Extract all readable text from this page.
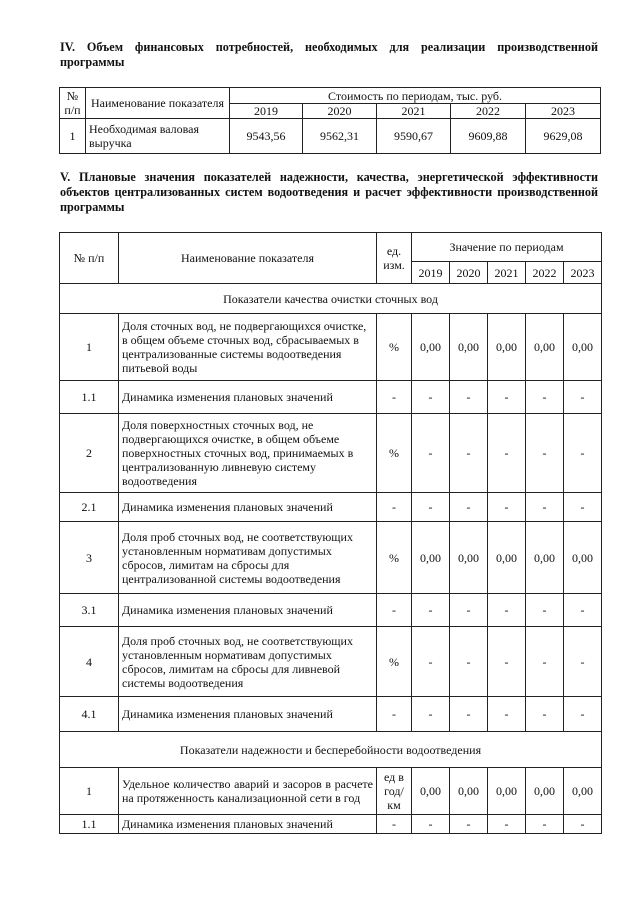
IV. Объем финансовых потребностей, необходимых для реализации производственной программы
№ п/п	Наименование показателя	Стоимость по периодам, тыс. руб.				
		2019	2020	2021	2022	2023
1	Необходимая валовая выручка	9543,56	9562,31	9590,67	9609,88	9629,08
V. Плановые значения показателей надежности, качества, энергетической эффективности объектов централизованных систем водоотведения и расчет эффективности производственной программы
№ п/п	Наименование показателя	ед. изм.	Значение по периодам				
			2019	2020	2021	2022	2023
Показатели качества очистки сточных вод							
1	Доля сточных вод, не подвергающихся очистке, в общем объеме сточных вод, сбрасываемых в централизованные системы водоотведения питьевой воды	%	0,00	0,00	0,00	0,00	0,00
1.1	Динамика изменения плановых значений	-	-	-	-	-	-
2	Доля поверхностных сточных вод, не подвергающихся очистке, в общем объеме поверхностных сточных вод, принимаемых в централизованную ливневую систему водоотведения	%	-	-	-	-	-
2.1	Динамика изменения плановых значений	-	-	-	-	-	-
3	Доля проб сточных вод, не соответствующих установленным нормативам допустимых сбросов, лимитам на сбросы для централизованной системы водоотведения	%	0,00	0,00	0,00	0,00	0,00
3.1	Динамика изменения плановых значений	-	-	-	-	-	-
4	Доля проб сточных вод, не соответствующих установленным нормативам допустимых сбросов, лимитам на сбросы для ливневой системы водоотведения	%	-	-	-	-	-
4.1	Динамика изменения плановых значений	-	-	-	-	-	-
Показатели надежности и бесперебойности водоотведения							
1	Удельное количество аварий и засоров в расчете на протяженность канализационной сети в год	ед в год/ км	0,00	0,00	0,00	0,00	0,00
1.1	Динамика изменения плановых значений	-	-	-	-	-	-
